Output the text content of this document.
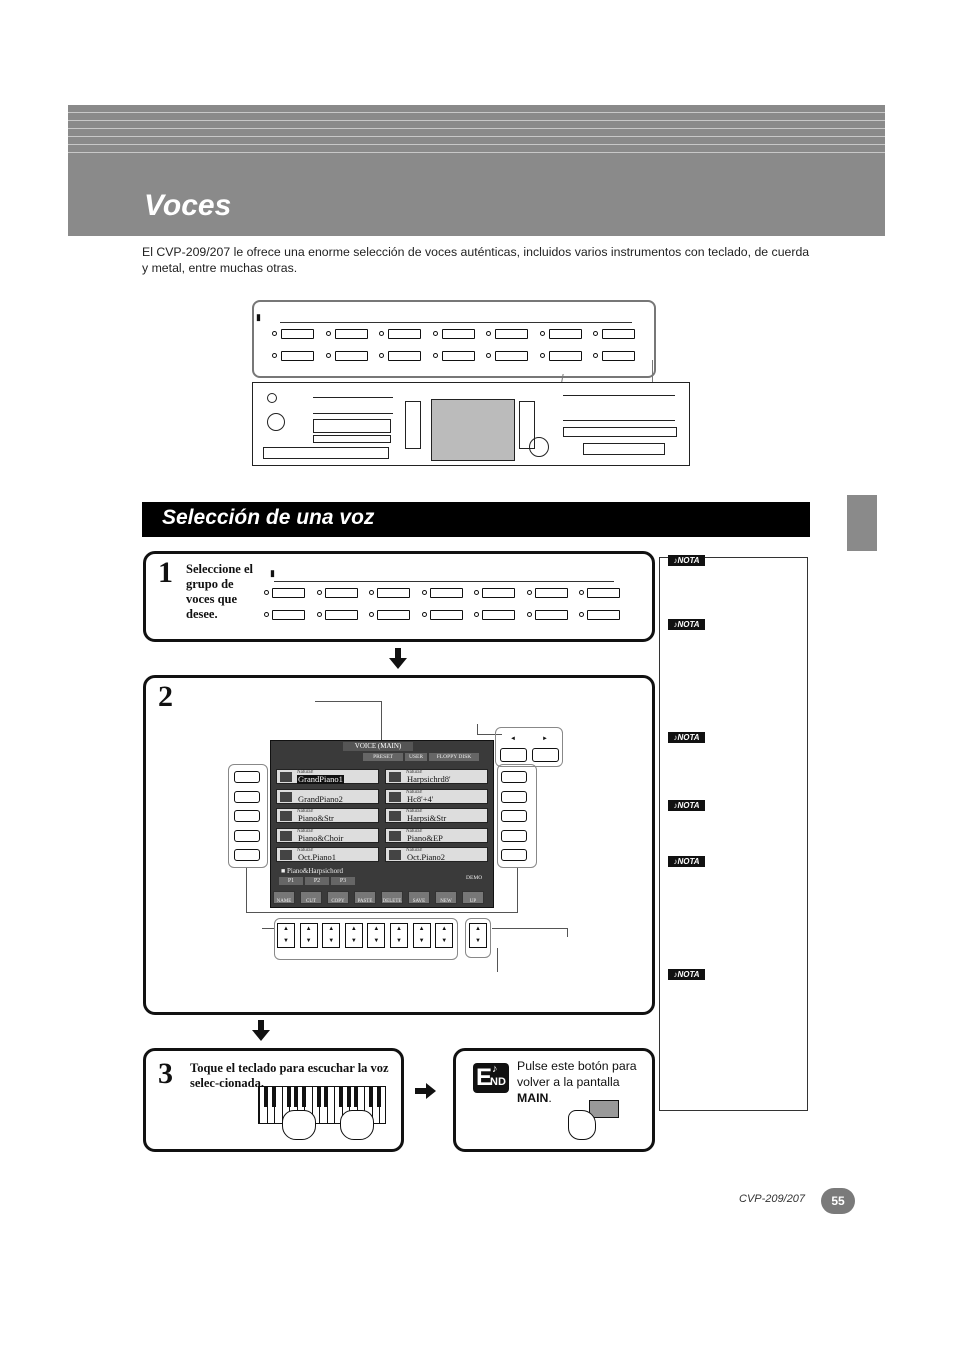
Voces

El CVP-209/207 le ofrece una enorme selección de voces auténticas, incluidos varios instrumentos con teclado, de cuerda y metal, entre muchas otras.

▮
Selección de una voz
1 Seleccione el grupo de voces que desee.

▮
2
◄	►
VOICE (MAIN)
PRESET	USER	FLOPPY DISK
■ Piano&Harpsichord
P1	P2	P3	DEMO
NAME	CUT	COPY	PASTE	DELETE	SAVE	NEW	UP
Natural!
GrandPiano1
GrandPiano2
Natural!
Piano&Str
Natural!
Piano&Choir
Natural!
Oct.Piano1
Natural!
Harpsichrd8'
Natural!
Hc8'+4'
Natural!
Harpsi&Str
Natural!
Piano&EP
Natural!
Oct.Piano2
▲
▼
▲
▼
▲
▼
▲
▼
▲
▼
▲
▼
▲
▼
▲
▼
▲
▼
3 Toque el teclado para escuchar la voz selec-cionada.	E
ND
♪ Pulse este botón para volver a la pantalla MAIN.

♪NOTA
♪NOTA
♪NOTA
♪NOTA
♪NOTA
♪NOTA
CVP-209/207	55
